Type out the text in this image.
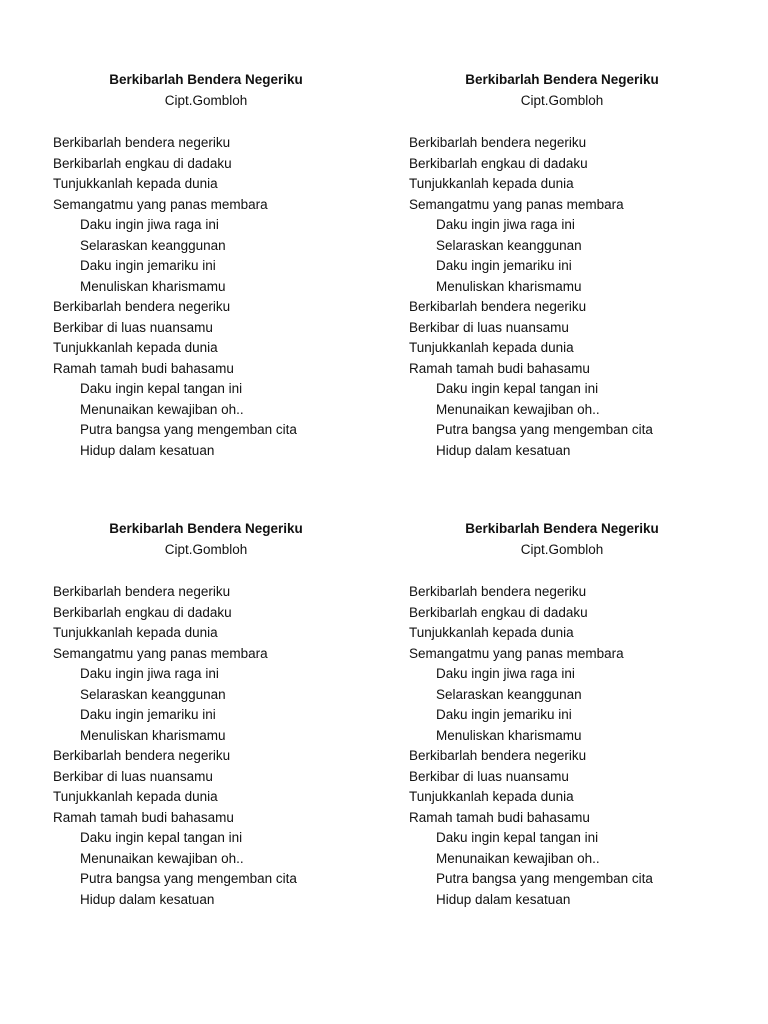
Berkibarlah Bendera Negeriku
Cipt.Gombloh
Berkibarlah bendera negeriku
Berkibarlah engkau di dadaku
Tunjukkanlah kepada dunia
Semangatmu yang panas membara
Daku ingin jiwa raga ini
Selaraskan keanggunan
Daku ingin jemariku ini
Menuliskan kharismamu
Berkibarlah bendera negeriku
Berkibar di luas nuansamu
Tunjukkanlah kepada dunia
Ramah tamah budi bahasamu
Daku ingin kepal tangan ini
Menunaikan kewajiban oh..
Putra bangsa yang mengemban cita
Hidup dalam kesatuan
Berkibarlah Bendera Negeriku
Cipt.Gombloh
Berkibarlah bendera negeriku
Berkibarlah engkau di dadaku
Tunjukkanlah kepada dunia
Semangatmu yang panas membara
Daku ingin jiwa raga ini
Selaraskan keanggunan
Daku ingin jemariku ini
Menuliskan kharismamu
Berkibarlah bendera negeriku
Berkibar di luas nuansamu
Tunjukkanlah kepada dunia
Ramah tamah budi bahasamu
Daku ingin kepal tangan ini
Menunaikan kewajiban oh..
Putra bangsa yang mengemban cita
Hidup dalam kesatuan
Berkibarlah Bendera Negeriku
Cipt.Gombloh
Berkibarlah bendera negeriku
Berkibarlah engkau di dadaku
Tunjukkanlah kepada dunia
Semangatmu yang panas membara
Daku ingin jiwa raga ini
Selaraskan keanggunan
Daku ingin jemariku ini
Menuliskan kharismamu
Berkibarlah bendera negeriku
Berkibar di luas nuansamu
Tunjukkanlah kepada dunia
Ramah tamah budi bahasamu
Daku ingin kepal tangan ini
Menunaikan kewajiban oh..
Putra bangsa yang mengemban cita
Hidup dalam kesatuan
Berkibarlah Bendera Negeriku
Cipt.Gombloh
Berkibarlah bendera negeriku
Berkibarlah engkau di dadaku
Tunjukkanlah kepada dunia
Semangatmu yang panas membara
Daku ingin jiwa raga ini
Selaraskan keanggunan
Daku ingin jemariku ini
Menuliskan kharismamu
Berkibarlah bendera negeriku
Berkibar di luas nuansamu
Tunjukkanlah kepada dunia
Ramah tamah budi bahasamu
Daku ingin kepal tangan ini
Menunaikan kewajiban oh..
Putra bangsa yang mengemban cita
Hidup dalam kesatuan
